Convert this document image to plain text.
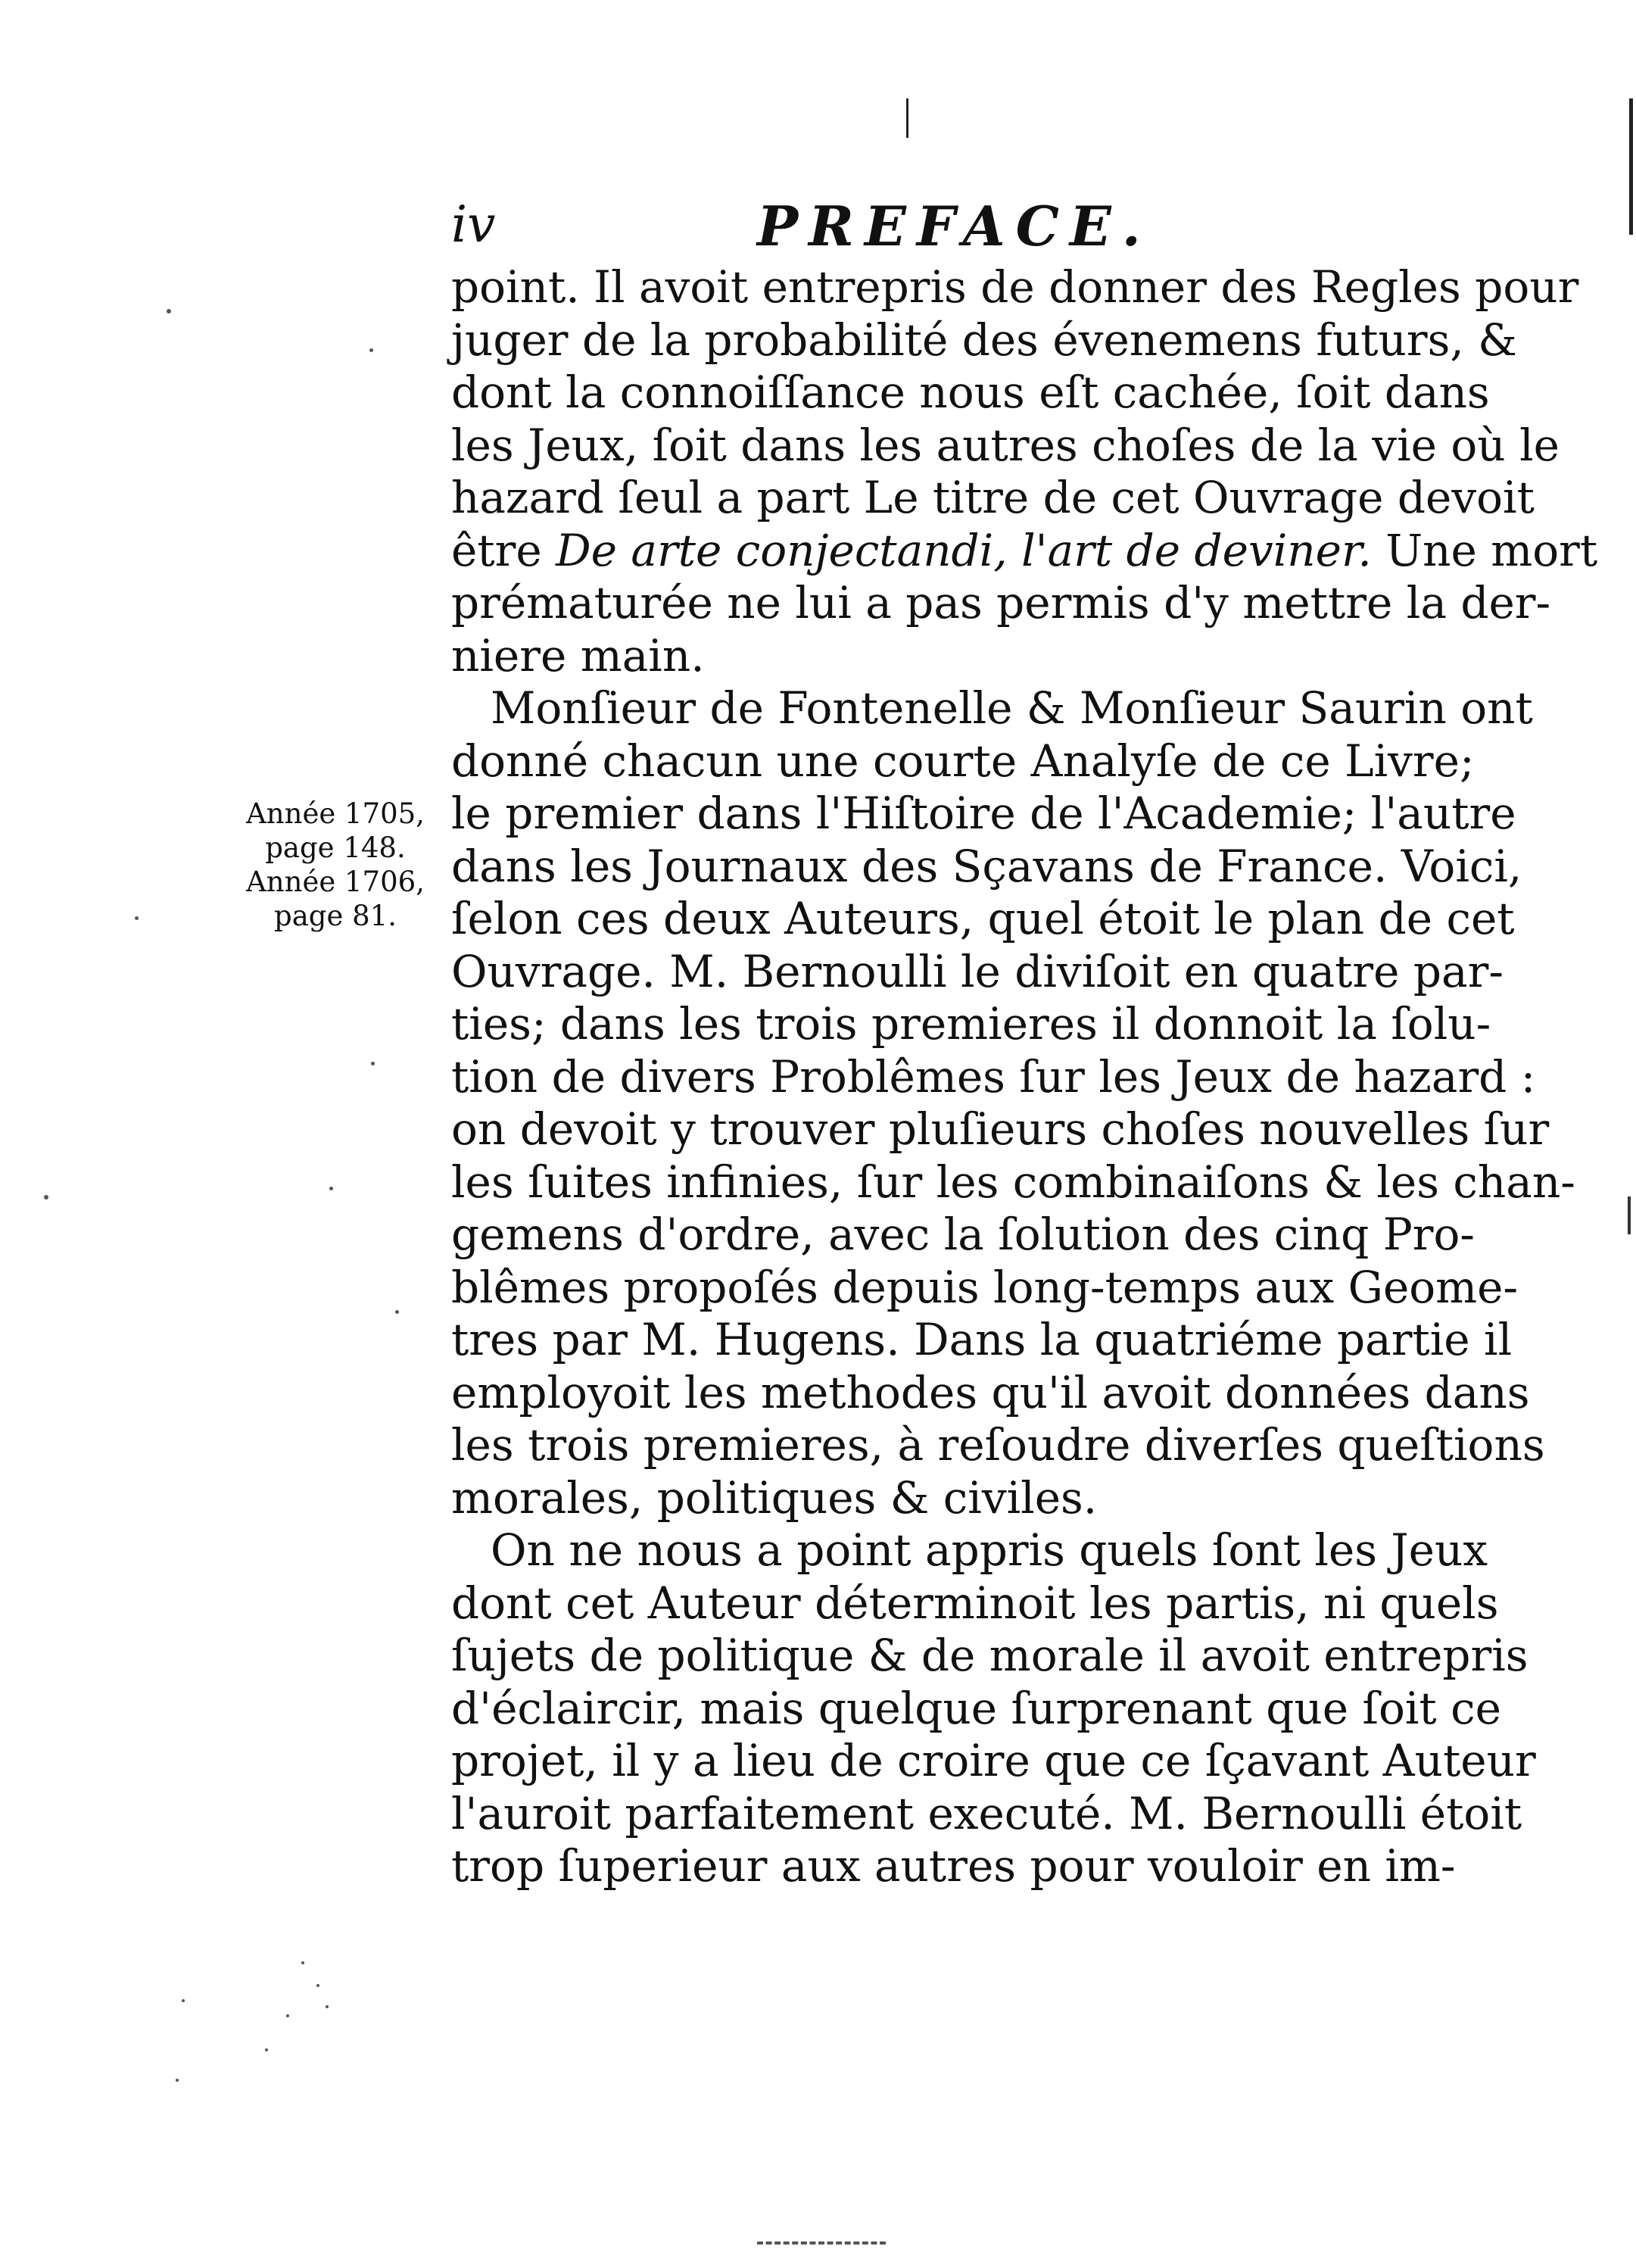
iv	PREFACE.
Année 1705,
page 148.
Année 1706,
page 81.
point. Il avoit entrepris de donner des Regles pour
juger de la probabilité des évenemens futurs, &
dont la connoiſſance nous eſt cachée, ſoit dans
les Jeux, ſoit dans les autres choſes de la vie où le
hazard ſeul a part Le titre de cet Ouvrage devoit
être De arte conjectandi, l'art de deviner. Une mort
prématurée ne lui a pas permis d'y mettre la der-
niere main.
Monſieur de Fontenelle & Monſieur Saurin ont
donné chacun une courte Analyſe de ce Livre;
le premier dans l'Hiſtoire de l'Academie; l'autre
dans les Journaux des Sçavans de France. Voici,
ſelon ces deux Auteurs, quel étoit le plan de cet
Ouvrage. M. Bernoulli le diviſoit en quatre par-
ties; dans les trois premieres il donnoit la ſolu-
tion de divers Problêmes ſur les Jeux de hazard :
on devoit y trouver pluſieurs choſes nouvelles ſur
les ſuites infinies, ſur les combinaiſons & les chan-
gemens d'ordre, avec la ſolution des cinq Pro-
blêmes propoſés depuis long-temps aux Geome-
tres par M. Hugens. Dans la quatriéme partie il
employoit les methodes qu'il avoit données dans
les trois premieres, à reſoudre diverſes queſtions
morales, politiques & civiles.
On ne nous a point appris quels ſont les Jeux
dont cet Auteur déterminoit les partis, ni quels
ſujets de politique & de morale il avoit entrepris
d'éclaircir, mais quelque ſurprenant que ſoit ce
projet, il y a lieu de croire que ce ſçavant Auteur
l'auroit parfaitement executé. M. Bernoulli étoit
trop ſuperieur aux autres pour vouloir en im-
